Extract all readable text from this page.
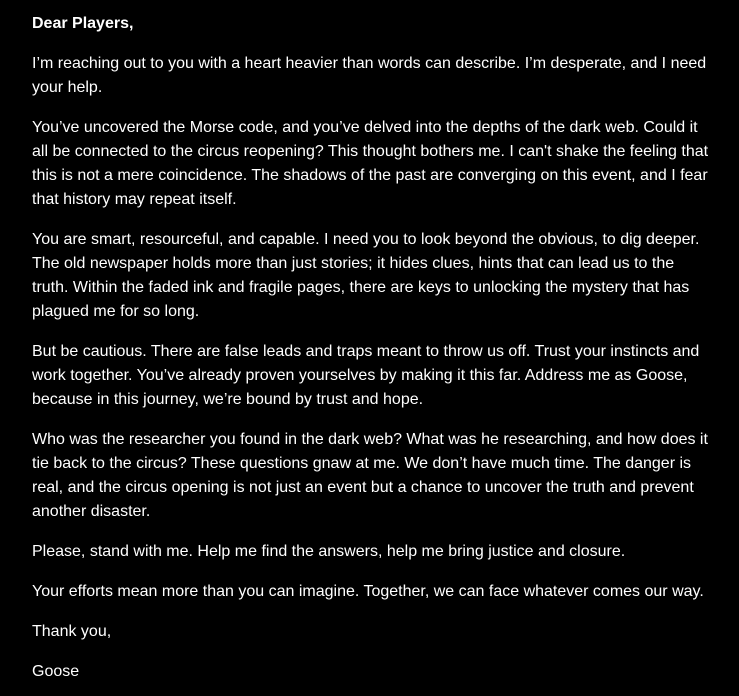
Dear Players,

I’m reaching out to you with a heart heavier than words can describe. I’m desperate, and I need your help.

You’ve uncovered the Morse code, and you’ve delved into the depths of the dark web. Could it all be connected to the circus reopening? This thought bothers me. I can't shake the feeling that this is not a mere coincidence. The shadows of the past are converging on this event, and I fear that history may repeat itself.

You are smart, resourceful, and capable. I need you to look beyond the obvious, to dig deeper. The old newspaper holds more than just stories; it hides clues, hints that can lead us to the truth. Within the faded ink and fragile pages, there are keys to unlocking the mystery that has plagued me for so long.

But be cautious. There are false leads and traps meant to throw us off. Trust your instincts and work together. You’ve already proven yourselves by making it this far. Address me as Goose, because in this journey, we’re bound by trust and hope.

Who was the researcher you found in the dark web? What was he researching, and how does it tie back to the circus? These questions gnaw at me. We don’t have much time. The danger is real, and the circus opening is not just an event but a chance to uncover the truth and prevent another disaster.

Please, stand with me. Help me find the answers, help me bring justice and closure.

Your efforts mean more than you can imagine. Together, we can face whatever comes our way.

Thank you,

Goose
